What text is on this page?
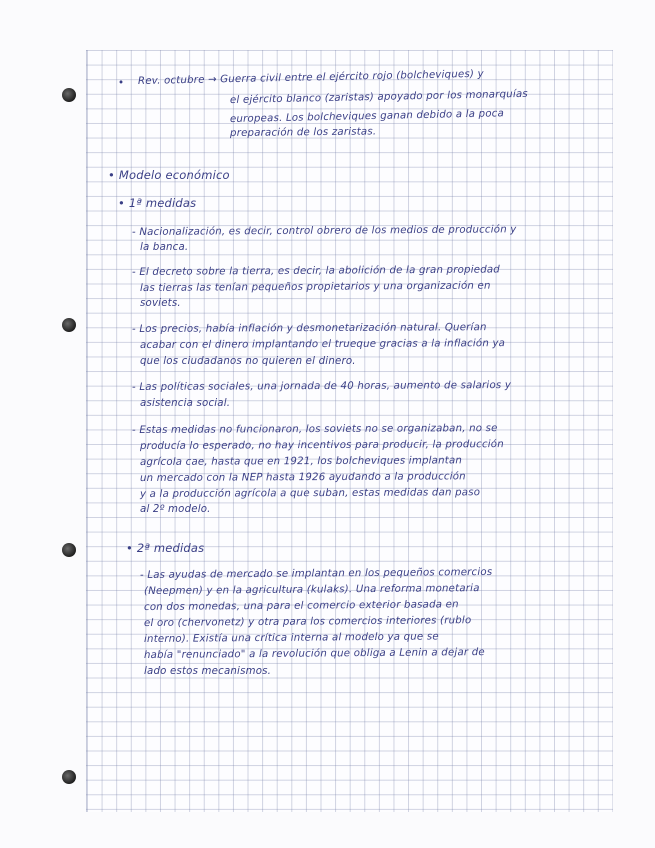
• Rev. octubre → Guerra civil entre el ejército rojo (bolcheviques) y
el ejército blanco (zaristas) apoyado por los monarquías
europeas. Los bolcheviques ganan debido a la poca
preparación de los zaristas.
• Modelo económico
• 1ª medidas
- Nacionalización, es decir, control obrero de los medios de producción y
la banca.
- El decreto sobre la tierra, es decir, la abolición de la gran propiedad
las tierras las tenían pequeños propietarios y una organización en
soviets.
- Los precios, había inflación y desmonetarización natural. Querían
acabar con el dinero implantando el trueque gracias a la inflación ya
que los ciudadanos no quieren el dinero.
- Las políticas sociales, una jornada de 40 horas, aumento de salarios y
asistencia social.
- Estas medidas no funcionaron, los soviets no se organizaban, no se
producía lo esperado, no hay incentivos para producir, la producción
agrícola cae, hasta que en 1921, los bolcheviques implantan
un mercado con la NEP hasta 1926 ayudando a la producción
y a la producción agrícola a que suban, estas medidas dan paso
al 2º modelo.
• 2ª medidas
- Las ayudas de mercado se implantan en los pequeños comercios
(Neepmen) y en la agricultura (kulaks). Una reforma monetaria
con dos monedas, una para el comercio exterior basada en
el oro (chervonetz) y otra para los comercios interiores (rublo
interno). Existía una crítica interna al modelo ya que se
había "renunciado" a la revolución que obliga a Lenin a dejar de
lado estos mecanismos.
